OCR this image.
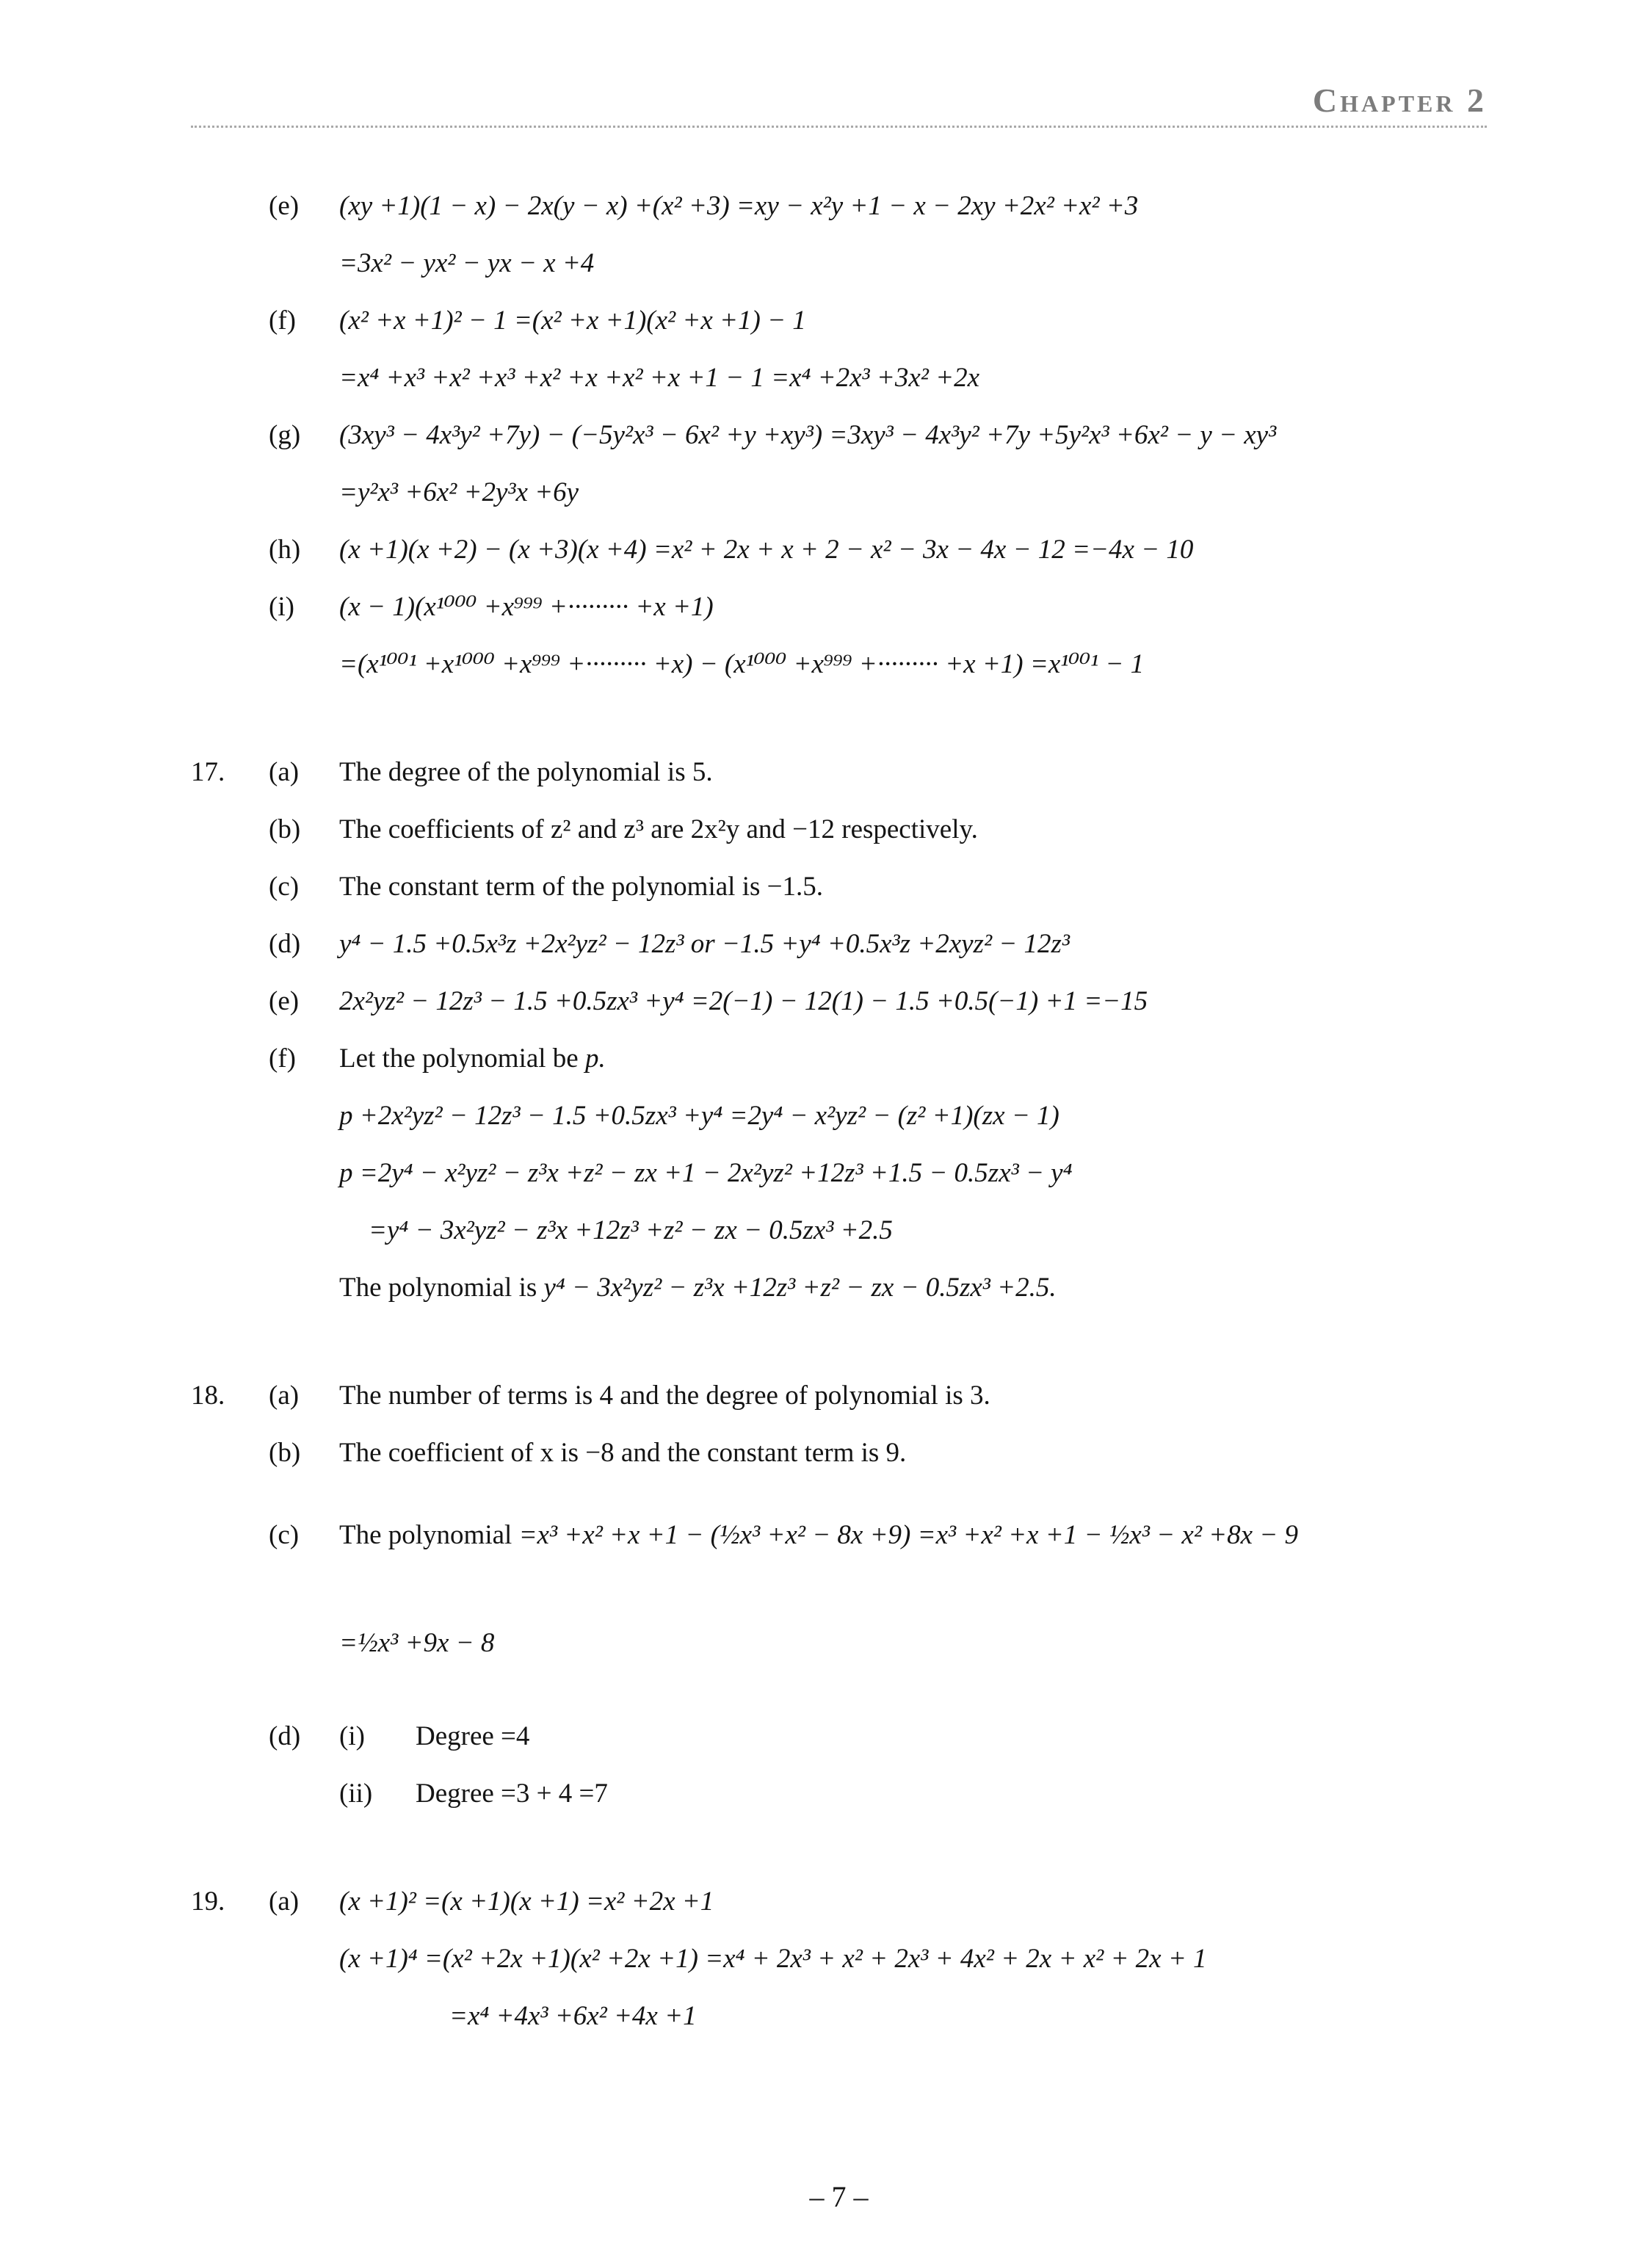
Chapter 2
(e)	(xy +1)(1 − x) − 2x(y − x) +(x² +3) =xy − x²y +1 − x − 2xy +2x² +x² +3
=3x² − yx² − yx − x +4
(f)	(x² +x +1)² − 1 =(x² +x +1)(x² +x +1) − 1
=x⁴ +x³ +x² +x³ +x² +x +x² +x +1 − 1 =x⁴ +2x³ +3x² +2x
(g)	(3xy³ − 4x³y² +7y) − (−5y²x³ − 6x² +y +xy³) =3xy³ − 4x³y² +7y +5y²x³ +6x² − y − xy³
=y²x³ +6x² +2y³x +6y
(h)	(x +1)(x +2) − (x +3)(x +4) =x² + 2x + x + 2 − x² − 3x − 4x − 12 =−4x − 10
(i)	(x − 1)(x¹⁰⁰⁰ +x⁹⁹⁹ +········· +x +1)
=(x¹⁰⁰¹ +x¹⁰⁰⁰ +x⁹⁹⁹ +········· +x) − (x¹⁰⁰⁰ +x⁹⁹⁹ +········· +x +1) =x¹⁰⁰¹ − 1
17.	(a)	The degree of the polynomial is 5.
(b)	The coefficients of z² and z³ are 2x²y and −12 respectively.
(c)	The constant term of the polynomial is −1.5.
(d)	y⁴ − 1.5 +0.5x³z +2x²yz² − 12z³ or −1.5 +y⁴ +0.5x³z +2xyz² − 12z³
(e)	2x²yz² − 12z³ − 1.5 +0.5zx³ +y⁴ =2(−1) − 12(1) − 1.5 +0.5(−1) +1 =−15
(f)	Let the polynomial be p.
p +2x²yz² − 12z³ − 1.5 +0.5zx³ +y⁴ =2y⁴ − x²yz² − (z² +1)(zx − 1)
p =2y⁴ − x²yz² − z³x +z² − zx +1 − 2x²yz² +12z³ +1.5 − 0.5zx³ − y⁴
=y⁴ − 3x²yz² − z³x +12z³ +z² − zx − 0.5zx³ +2.5
The polynomial is y⁴ − 3x²yz² − z³x +12z³ +z² − zx − 0.5zx³ +2.5.
18.	(a)	The number of terms is 4 and the degree of polynomial is 3.
(b)	The coefficient of x is −8 and the constant term is 9.
(c)	The polynomial =x³ +x² +x +1 − (½x³ +x² − 8x +9) =x³ +x² +x +1 − ½x³ − x² +8x − 9
=½x³ +9x − 8
(d)	(i)	Degree =4
(ii)	Degree =3 + 4 =7
19.	(a)	(x +1)² =(x +1)(x +1) =x² +2x +1
(x +1)⁴ =(x² +2x +1)(x² +2x +1) =x⁴ + 2x³ + x² + 2x³ + 4x² + 2x + x² + 2x + 1
=x⁴ +4x³ +6x² +4x +1
– 7 –
